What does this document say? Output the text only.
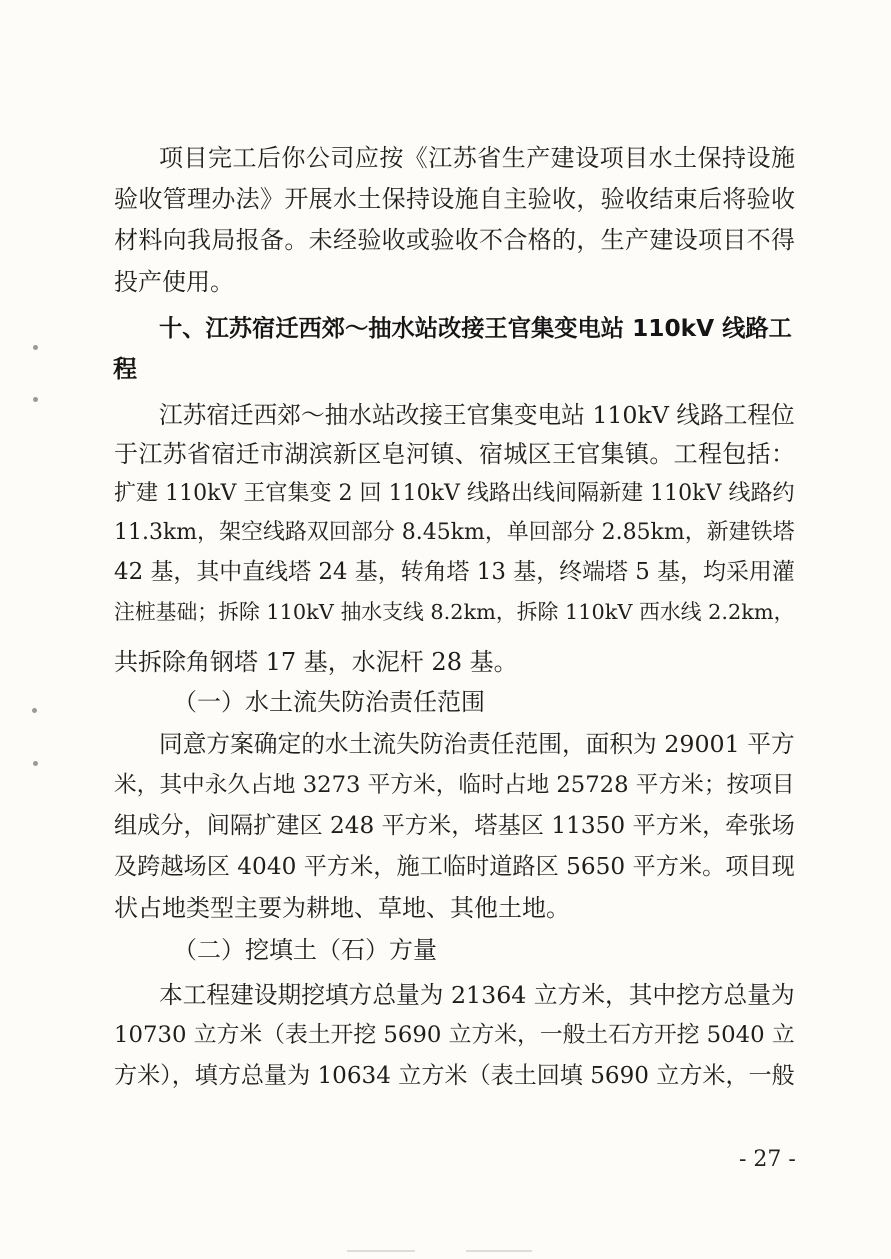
项目完工后你公司应按《江苏省生产建设项目水土保持设施
验收管理办法》开展水土保持设施自主验收，验收结束后将验收
材料向我局报备。未经验收或验收不合格的，生产建设项目不得
投产使用。
十、江苏宿迁西郊～抽水站改接王官集变电站 110kV 线路工
程
江苏宿迁西郊～抽水站改接王官集变电站 110kV 线路工程位
于江苏省宿迁市湖滨新区皂河镇、宿城区王官集镇。工程包括：
扩建 110kV 王官集变 2 回 110kV 线路出线间隔新建 110kV 线路约
11.3km，架空线路双回部分 8.45km，单回部分 2.85km，新建铁塔
42 基，其中直线塔 24 基，转角塔 13 基，终端塔 5 基，均采用灌
注桩基础；拆除 110kV 抽水支线 8.2km，拆除 110kV 西水线 2.2km，
共拆除角钢塔 17 基，水泥杆 28 基。
（一）水土流失防治责任范围
同意方案确定的水土流失防治责任范围，面积为 29001 平方
米，其中永久占地 3273 平方米，临时占地 25728 平方米；按项目
组成分，间隔扩建区 248 平方米，塔基区 11350 平方米，牵张场
及跨越场区 4040 平方米，施工临时道路区 5650 平方米。项目现
状占地类型主要为耕地、草地、其他土地。
（二）挖填土（石）方量
本工程建设期挖填方总量为 21364 立方米，其中挖方总量为
10730 立方米（表土开挖 5690 立方米，一般土石方开挖 5040 立
方米），填方总量为 10634 立方米（表土回填 5690 立方米，一般
- 27 -
